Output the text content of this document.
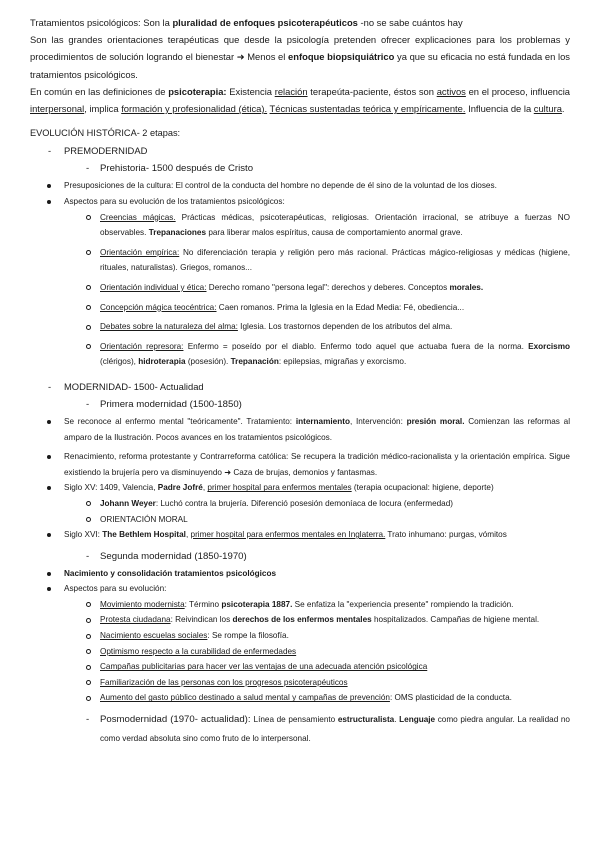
Tratamientos psicológicos: Son la pluralidad de enfoques psicoterapéuticos -no se sabe cuántos hay

Son las grandes orientaciones terapéuticas que desde la psicología pretenden ofrecer explicaciones para los problemas y procedimientos de solución logrando el bienestar ➜ Menos el enfoque biopsiquiátrico ya que su eficacia no está fundada en los tratamientos psicológicos.

En común en las definiciones de psicoterapia: Existencia relación terapeúta-paciente, éstos son activos en el proceso, influencia interpersonal, implica formación y profesionalidad (ética). Técnicas sustentadas teórica y empíricamente. Influencia de la cultura.

EVOLUCIÓN HISTÓRICA- 2 etapas:
- PREMODERNIDAD
- Prehistoria- 1500 después de Cristo
Presuposiciones de la cultura: El control de la conducta del hombre no depende de él sino de la voluntad de los dioses.
Aspectos para su evolución de los tratamientos psicológicos:
Creencias mágicas. Prácticas médicas, psicoterapéuticas, religiosas. Orientación irracional, se atribuye a fuerzas NO observables. Trepanaciones para liberar malos espíritus, causa de comportamiento anormal grave.
Orientación empírica: No diferenciación terapia y religión pero más racional. Prácticas mágico-religiosas y médicas (higiene, rituales, naturalistas). Griegos, romanos...
Orientación individual y ética: Derecho romano "persona legal": derechos y deberes. Conceptos morales.
Concepción mágica teocéntrica: Caen romanos. Prima la Iglesia en la Edad Media: Fé, obediencia...
Debates sobre la naturaleza del alma: Iglesia. Los trastornos dependen de los atributos del alma.
Orientación represora: Enfermo = poseído por el diablo. Enfermo todo aquel que actuaba fuera de la norma. Exorcismo (clérigos), hidroterapia (posesión). Trepanación: epilepsias, migrañas y exorcismo.
- MODERNIDAD- 1500- Actualidad
- Primera modernidad (1500-1850)
Se reconoce al enfermo mental "teóricamente". Tratamiento: internamiento, Intervención: presión moral. Comienzan las reformas al amparo de la Ilustración. Pocos avances en los tratamientos psicológicos.
Renacimiento, reforma protestante y Contrarreforma católica: Se recupera la tradición médico-racionalista y la orientación empírica. Sigue existiendo la brujería pero va disminuyendo ➜ Caza de brujas, demonios y fantasmas.
Siglo XV: 1409, Valencia, Padre Jofré, primer hospital para enfermos mentales (terapia ocupacional: higiene, deporte)
Johann Weyer: Luchó contra la brujería. Diferenció posesión demoníaca de locura (enfermedad)
ORIENTACIÓN MORAL
Siglo XVI: The Bethlem Hospital, primer hospital para enfermos mentales en Inglaterra. Trato inhumano: purgas, vómitos
- Segunda modernidad (1850-1970)
Nacimiento y consolidación tratamientos psicológicos
Aspectos para su evolución:
Movimiento modernista: Término psicoterapia 1887. Se enfatiza la "experiencia presente" rompiendo la tradición.
Protesta ciudadana: Reivindican los derechos de los enfermos mentales hospitalizados. Campañas de higiene mental.
Nacimiento escuelas sociales: Se rompe la filosofía.
Optimismo respecto a la curabilidad de enfermedades
Campañas publicitarias para hacer ver las ventajas de una adecuada atención psicológica
Familiarización de las personas con los progresos psicoterapéuticos
Aumento del gasto público destinado a salud mental y campañas de prevención: OMS plasticidad de la conducta.
- Posmodernidad (1970- actualidad): Línea de pensamiento estructuralista. Lenguaje como piedra angular. La realidad no como verdad absoluta sino como fruto de lo interpersonal.
